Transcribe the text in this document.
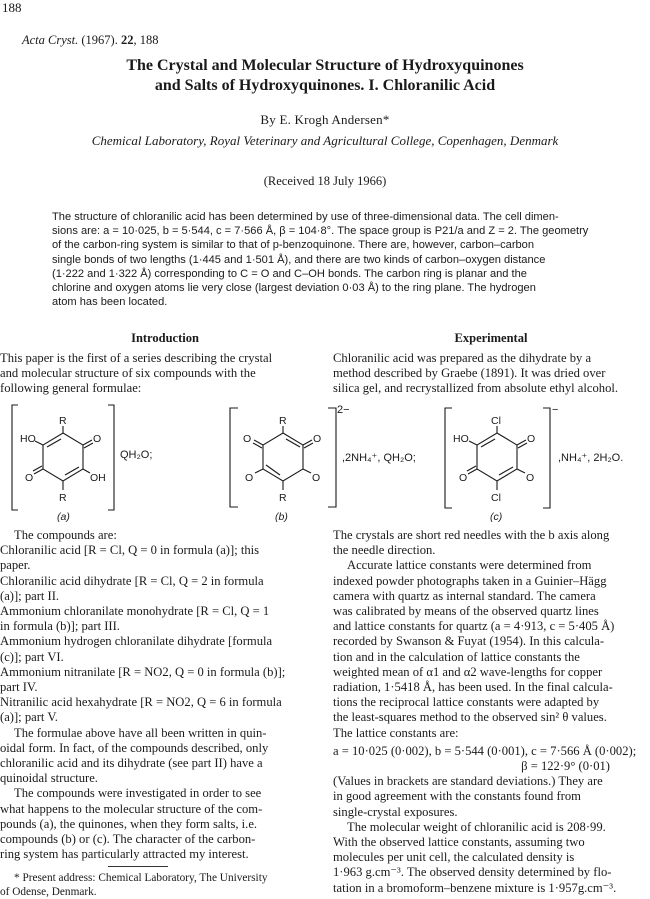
188
Acta Cryst. (1967). 22, 188
The Crystal and Molecular Structure of Hydroxyquinones
and Salts of Hydroxyquinones. I. Chloranilic Acid
By E. Krogh Andersen*
Chemical Laboratory, Royal Veterinary and Agricultural College, Copenhagen, Denmark
(Received 18 July 1966)
The structure of chloranilic acid has been determined by use of three-dimensional data. The cell dimen-
sions are: a = 10·025, b = 5·544, c = 7·566 Å, β = 104·8°. The space group is P21/a and Z = 2. The geometry
of the carbon-ring system is similar to that of p-benzoquinone. There are, however, carbon–carbon
single bonds of two lengths (1·445 and 1·501 Å), and there are two kinds of carbon–oxygen distance
(1·222 and 1·322 Å) corresponding to C = O and C–OH bonds. The carbon ring is planar and the
chlorine and oxygen atoms lie very close (largest deviation 0·03 Å) to the ring plane. The hydrogen
atom has been located.
Introduction	Experimental
This paper is the first of a series describing the crystal
and molecular structure of six compounds with the
following general formulae:
Chloranilic acid was prepared as the dihydrate by a
method described by Graebe (1891). It was dried over
silica gel, and recrystallized from absolute ethyl alcohol.
R
HO	O
O	OH
R
QH₂O;
(a)
R
O	O
O	O
R
2−
,2NH₄⁺, QH₂O;
(b)
Cl
HO	O
O	O
Cl
−
,NH₄⁺, 2H₂O.
(c)
The compounds are:
Chloranilic acid [R = Cl, Q = 0 in formula (a)]; this
paper.
Chloranilic acid dihydrate [R = Cl, Q = 2 in formula
(a)]; part II.
Ammonium chloranilate monohydrate [R = Cl, Q = 1
in formula (b)]; part III.
Ammonium hydrogen chloranilate dihydrate [formula
(c)]; part VI.
Ammonium nitranilate [R = NO2, Q = 0 in formula (b)];
part IV.
Nitranilic acid hexahydrate [R = NO2, Q = 6 in formula
(a)]; part V.
The formulae above have all been written in quin-
oidal form. In fact, of the compounds described, only
chloranilic acid and its dihydrate (see part II) have a
quinoidal structure.
The compounds were investigated in order to see
what happens to the molecular structure of the com-
pounds (a), the quinones, when they form salts, i.e.
compounds (b) or (c). The character of the carbon-
ring system has particularly attracted my interest.
* Present address: Chemical Laboratory, The University
of Odense, Denmark.
The crystals are short red needles with the b axis along
the needle direction.
Accurate lattice constants were determined from
indexed powder photographs taken in a Guinier–Hägg
camera with quartz as internal standard. The camera
was calibrated by means of the observed quartz lines
and lattice constants for quartz (a = 4·913, c = 5·405 Å)
recorded by Swanson & Fuyat (1954). In this calcula-
tion and in the calculation of lattice constants the
weighted mean of α1 and α2 wave-lengths for copper
radiation, 1·5418 Å, has been used. In the final calcula-
tions the reciprocal lattice constants were adapted by
the least-squares method to the observed sin² θ values.
The lattice constants are:
a = 10·025 (0·002), b = 5·544 (0·001), c = 7·566 Å (0·002);
β = 122·9° (0·01)
(Values in brackets are standard deviations.) They are
in good agreement with the constants found from
single-crystal exposures.
The molecular weight of chloranilic acid is 208·99.
With the observed lattice constants, assuming two
molecules per unit cell, the calculated density is
1·963 g.cm⁻³. The observed density determined by flo-
tation in a bromoform–benzene mixture is 1·957g.cm⁻³.
